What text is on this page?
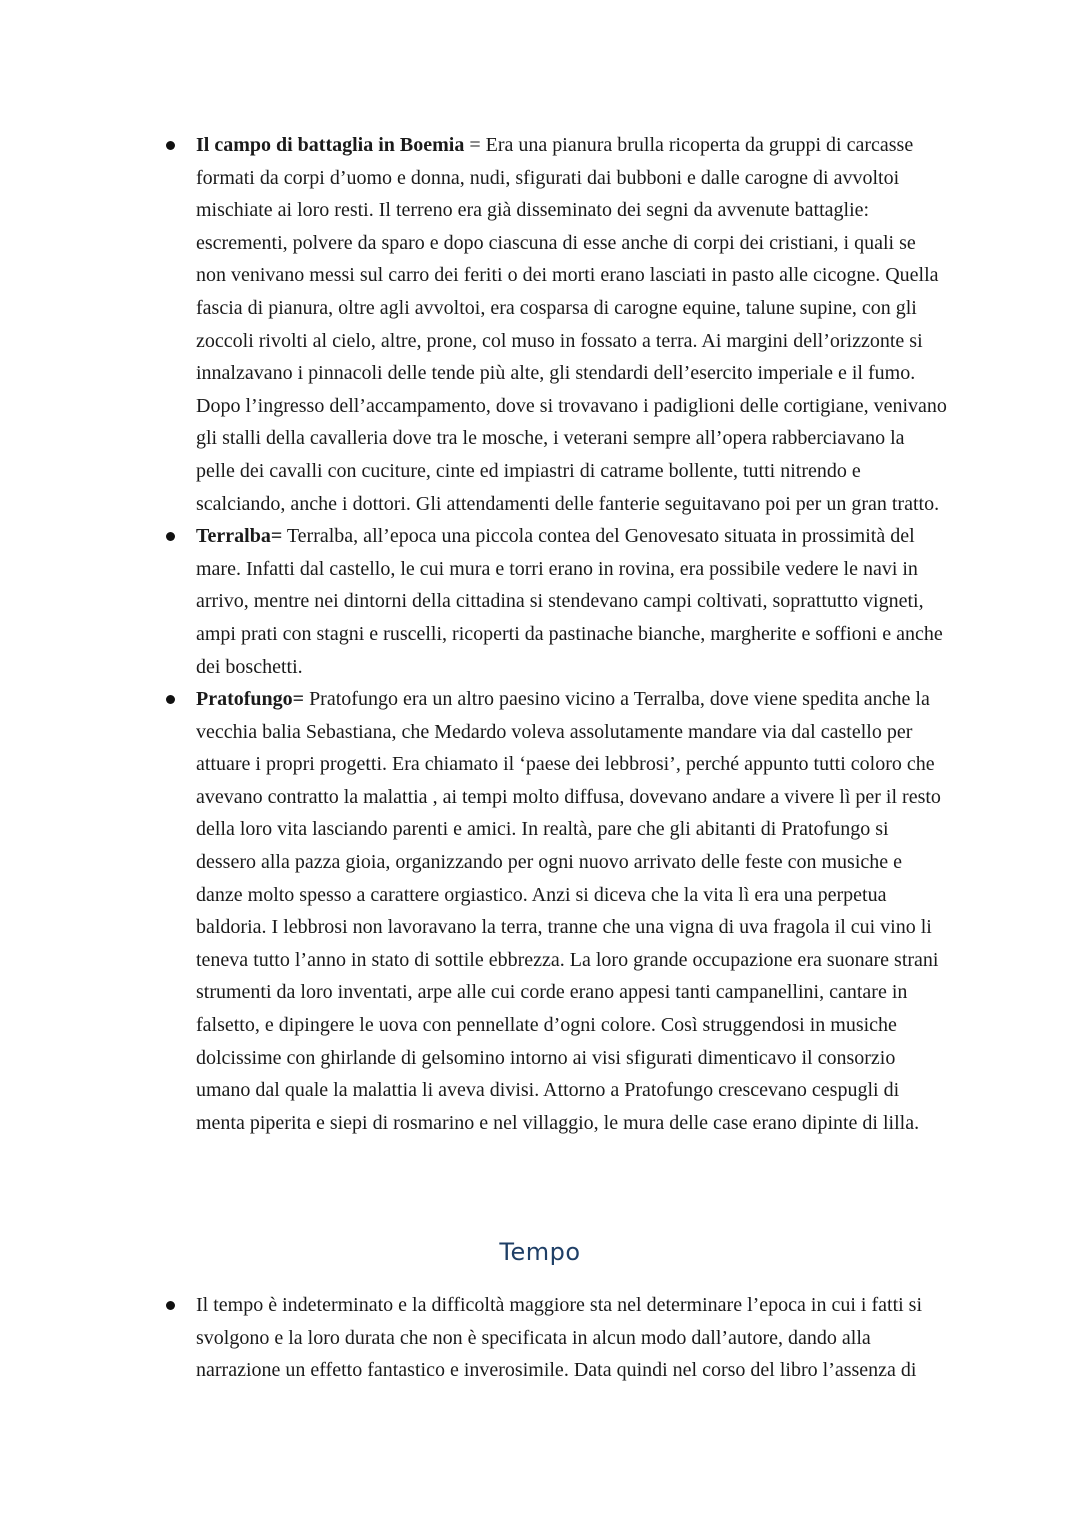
Il campo di battaglia in Boemia = Era una pianura brulla ricoperta da gruppi di carcasse formati da corpi d’uomo e donna, nudi, sfigurati dai bubboni e dalle carogne di avvoltoi mischiate ai loro resti. Il terreno era già disseminato dei segni da avvenute battaglie: escrementi, polvere da sparo e dopo ciascuna di esse anche di corpi dei cristiani, i quali se non venivano messi sul carro dei feriti o dei morti erano lasciati in pasto alle cicogne. Quella fascia di pianura, oltre agli avvoltoi, era cosparsa di carogne equine, talune supine, con gli zoccoli rivolti al cielo, altre, prone, col muso in fossato a terra. Ai margini dell’orizzonte si innalzavano i pinnacoli delle tende più alte, gli stendardi dell’esercito imperiale e il fumo. Dopo l’ingresso dell’accampamento, dove si trovavano i padiglioni delle cortigiane, venivano gli stalli della cavalleria dove tra le mosche, i veterani sempre all’opera rabberciavano la pelle dei cavalli con cuciture, cinte ed impiastri di catrame bollente, tutti nitrendo e scalciando, anche i dottori. Gli attendamenti delle fanterie seguitavano poi per un gran tratto.
Terralba= Terralba, all’epoca una piccola contea del Genovesato situata in prossimità del mare. Infatti dal castello, le cui mura e torri erano in rovina, era possibile vedere le navi in arrivo, mentre nei dintorni della cittadina si stendevano campi coltivati, soprattutto vigneti, ampi prati con stagni e ruscelli, ricoperti da pastinache bianche, margherite e soffioni e anche dei boschetti.
Pratofungo= Pratofungo era un altro paesino vicino a Terralba, dove viene spedita anche la vecchia balia Sebastiana, che Medardo voleva assolutamente mandare via dal castello per attuare i propri progetti. Era chiamato il ‘paese dei lebbrosi’, perché appunto tutti coloro che avevano contratto la malattia , ai tempi molto diffusa, dovevano andare a vivere lì per il resto della loro vita lasciando parenti e amici. In realtà, pare che gli abitanti di Pratofungo si dessero alla pazza gioia, organizzando per ogni nuovo arrivato delle feste con musiche e danze molto spesso a carattere orgiastico. Anzi si diceva che la vita lì era una perpetua baldoria. I lebbrosi non lavoravano la terra, tranne che una vigna di uva fragola il cui vino li teneva tutto l’anno in stato di sottile ebbrezza. La loro grande occupazione era suonare strani strumenti da loro inventati, arpe alle cui corde erano appesi tanti campanellini, cantare in falsetto, e dipingere le uova con pennellate d’ogni colore. Così struggendosi in musiche dolcissime con ghirlande di gelsomino intorno ai visi sfigurati dimenticavo il consorzio umano dal quale la malattia li aveva divisi. Attorno a Pratofungo crescevano cespugli di menta piperita e siepi di rosmarino e nel villaggio, le mura delle case erano dipinte di lilla.
Tempo
Il tempo è indeterminato e la difficoltà maggiore sta nel determinare l’epoca in cui i fatti si svolgono e la loro durata che non è specificata in alcun modo dall’autore, dando alla narrazione un effetto fantastico e inverosimile. Data quindi nel corso del libro l’assenza di
